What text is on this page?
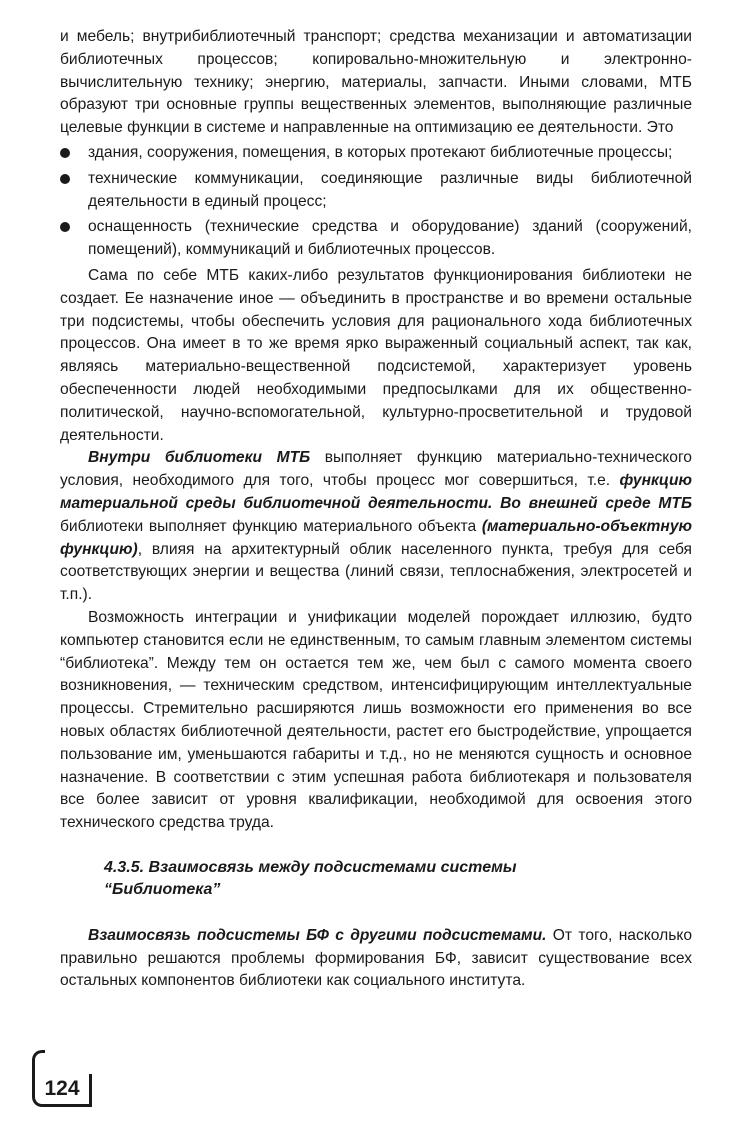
и мебель; внутрибиблиотечный транспорт; средства механизации и автоматизации библиотечных процессов; копировально-множительную и электронно-вычислительную технику; энергию, материалы, запчасти. Иными словами, МТБ образуют три основные группы вещественных элементов, выполняющие различные целевые функции в системе и направленные на оптимизацию ее деятельности. Это

здания, сооружения, помещения, в которых протекают библиотечные процессы;
технические коммуникации, соединяющие различные виды библиотечной деятельности в единый процесс;
оснащенность (технические средства и оборудование) зданий (сооружений, помещений), коммуникаций и библиотечных процессов.

Сама по себе МТБ каких-либо результатов функционирования библиотеки не создает. Ее назначение иное — объединить в пространстве и во времени остальные три подсистемы, чтобы обеспечить условия для рационального хода библиотечных процессов. Она имеет в то же время ярко выраженный социальный аспект, так как, являясь материально-вещественной подсистемой, характеризует уровень обеспеченности людей необходимыми предпосылками для их общественно-политической, научно-вспомогательной, культурно-просветительной и трудовой деятельности.

Внутри библиотеки МТБ выполняет функцию материально-технического условия, необходимого для того, чтобы процесс мог совершиться, т.е. функцию материальной среды библиотечной деятельности. Во внешней среде МТБ библиотеки выполняет функцию материального объекта (материально-объектную функцию), влияя на архитектурный облик населенного пункта, требуя для себя соответствующих энергии и вещества (линий связи, теплоснабжения, электросетей и т.п.).

Возможность интеграции и унификации моделей порождает иллюзию, будто компьютер становится если не единственным, то самым главным элементом системы “библиотека”. Между тем он остается тем же, чем был с самого момента своего возникновения, — техническим средством, интенсифицирующим интеллектуальные процессы. Стремительно расширяются лишь возможности его применения во все новых областях библиотечной деятельности, растет его быстродействие, упрощается пользование им, уменьшаются габариты и т.д., но не меняются сущность и основное назначение. В соответствии с этим успешная работа библиотекаря и пользователя все более зависит от уровня квалификации, необходимой для освоения этого технического средства труда.

4.3.5. Взаимосвязь между подсистемами системы
“Библиотека”

Взаимосвязь подсистемы БФ с другими подсистемами. От того, насколько правильно решаются проблемы формирования БФ, зависит существование всех остальных компонентов библиотеки как социального института.

124
